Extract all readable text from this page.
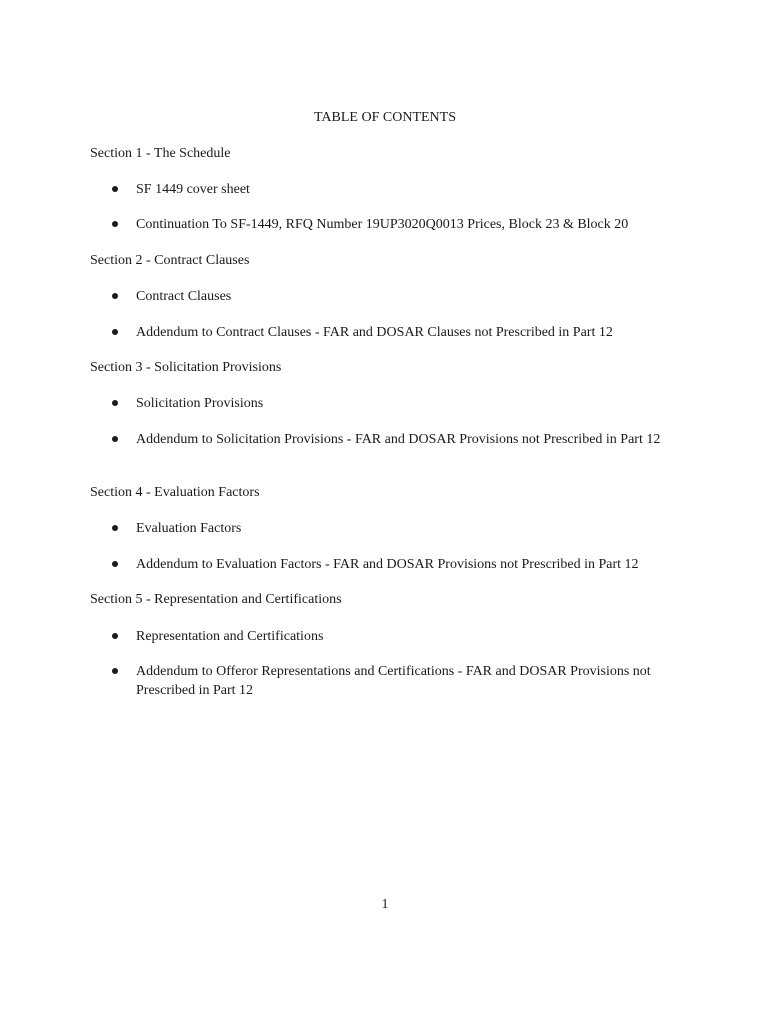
TABLE OF CONTENTS
Section 1 - The Schedule
SF 1449 cover sheet
Continuation To SF-1449, RFQ Number 19UP3020Q0013 Prices, Block 23 & Block 20
Section 2 - Contract Clauses
Contract Clauses
Addendum to Contract Clauses - FAR and DOSAR Clauses not Prescribed in Part 12
Section 3 - Solicitation Provisions
Solicitation Provisions
Addendum to Solicitation Provisions - FAR and DOSAR Provisions not Prescribed in Part 12
Section 4 - Evaluation Factors
Evaluation Factors
Addendum to Evaluation Factors - FAR and DOSAR Provisions not Prescribed in Part 12
Section 5 - Representation and Certifications
Representation and Certifications
Addendum to Offeror Representations and Certifications - FAR and DOSAR Provisions not Prescribed in Part 12
1
